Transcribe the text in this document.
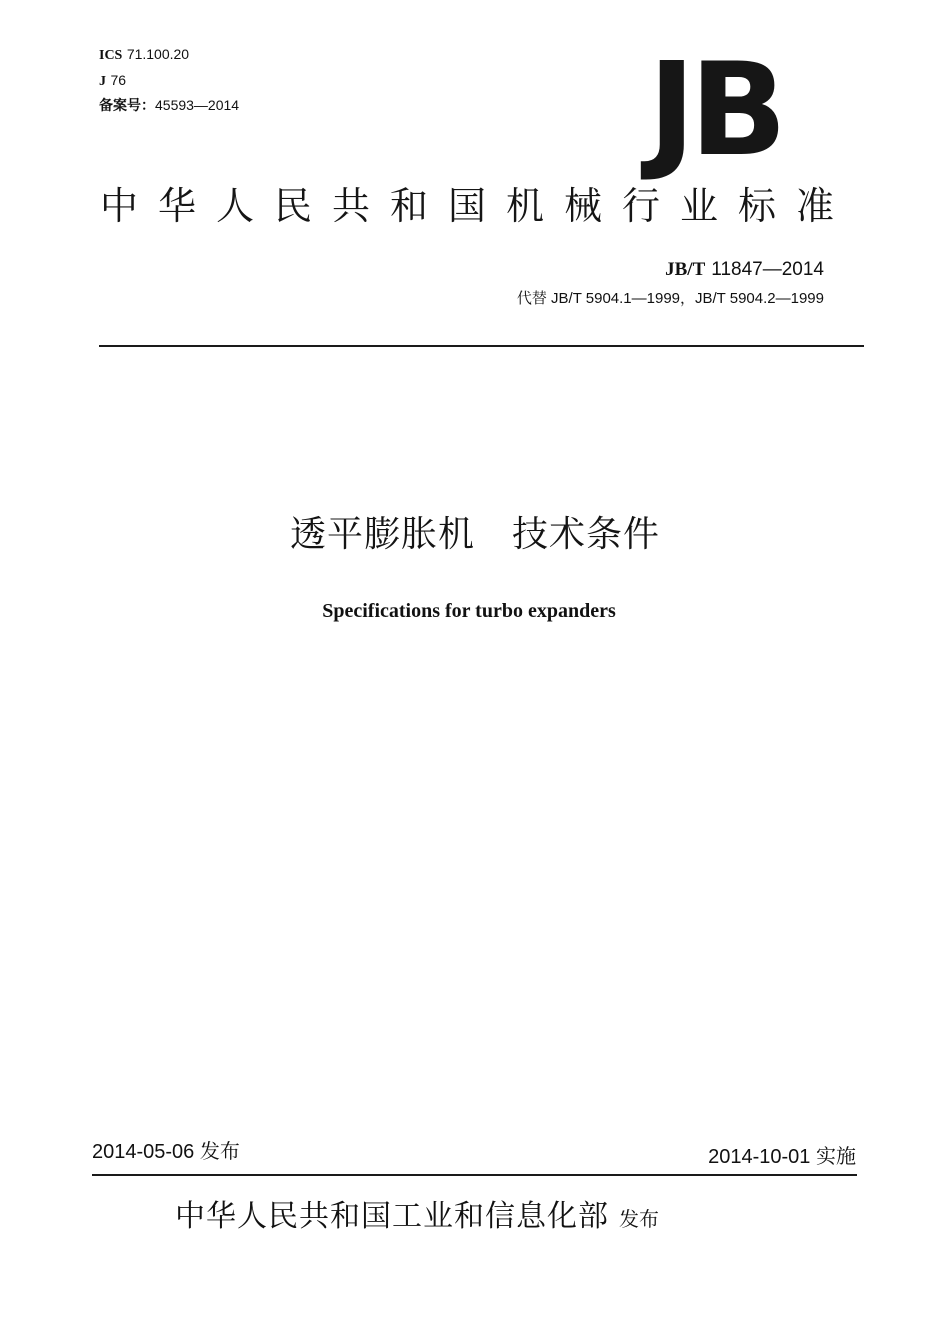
ICS 71.100.20
J 76
备案号：45593—2014	JB
中华人民共和国机械行业标准
JB/T 11847—2014
代替 JB/T 5904.1—1999，JB/T 5904.2—1999
透平膨胀机　技术条件
Specifications for turbo expanders
2014-05-06 发布	2014-10-01 实施
中华人民共和国工业和信息化部 发布
